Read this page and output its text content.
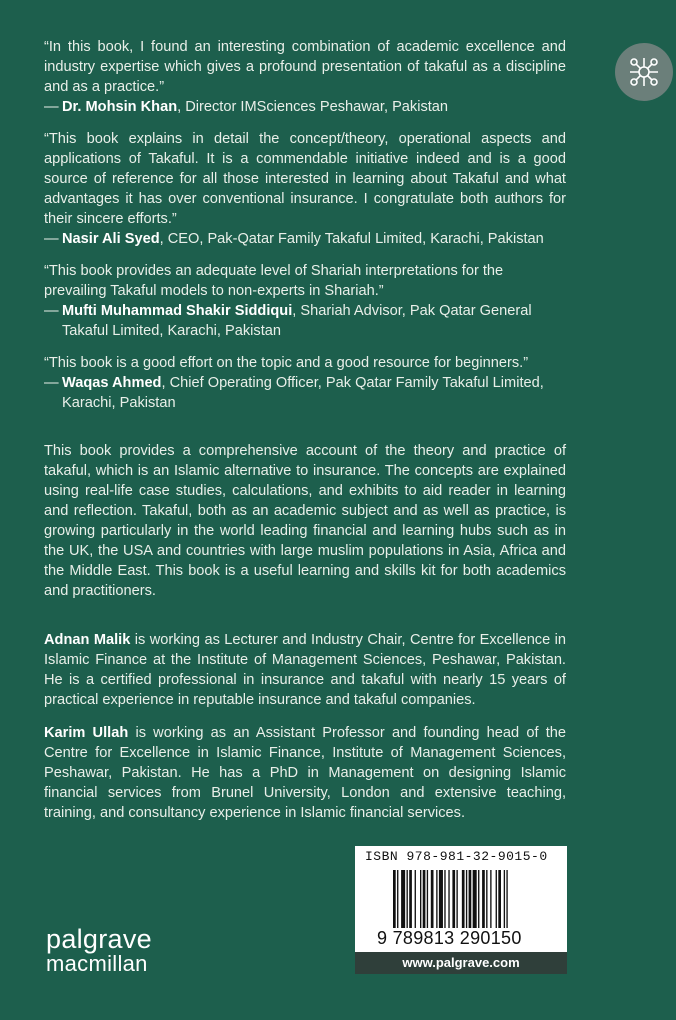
“In this book, I found an interesting combination of academic excellence and industry expertise which gives a profound presentation of takaful as a discipline and as a practice.”

— Dr. Mohsin Khan, Director IMSciences Peshawar, Pakistan

“This book explains in detail the concept/theory, operational aspects and applications of Takaful. It is a commendable initiative indeed and is a good source of reference for all those interested in learning about Takaful and what advantages it has over conventional insurance. I congratulate both authors for their sincere efforts.”

— Nasir Ali Syed, CEO, Pak-Qatar Family Takaful Limited, Karachi, Pakistan

“This book provides an adequate level of Shariah interpretations for the prevailing Takaful models to non-experts in Shariah.”

— Mufti Muhammad Shakir Siddiqui, Shariah Advisor, Pak Qatar General Takaful Limited, Karachi, Pakistan

“This book is a good effort on the topic and a good resource for beginners.”

— Waqas Ahmed, Chief Operating Officer, Pak Qatar Family Takaful Limited, Karachi, Pakistan

This book provides a comprehensive account of the theory and practice of takaful, which is an Islamic alternative to insurance. The concepts are explained using real-life case studies, calculations, and exhibits to aid reader in learning and reflection. Takaful, both as an academic subject and as well as practice, is growing particularly in the world leading financial and learning hubs such as in the UK, the USA and countries with large muslim populations in Asia, Africa and the Middle East. This book is a useful learning and skills kit for both academics and practitioners.

Adnan Malik is working as Lecturer and Industry Chair, Centre for Excellence in Islamic Finance at the Institute of Management Sciences, Peshawar, Pakistan. He is a certified professional in insurance and takaful with nearly 15 years of practical experience in reputable insurance and takaful companies.

Karim Ullah is working as an Assistant Professor and founding head of the Centre for Excellence in Islamic Finance, Institute of Management Sciences, Peshawar, Pakistan. He has a PhD in Management on designing Islamic financial services from Brunel University, London and extensive teaching, training, and consultancy experience in Islamic financial services.

palgrave
macmillan
ISBN 978-981-32-9015-0
9 789813 290150
www.palgrave.com
